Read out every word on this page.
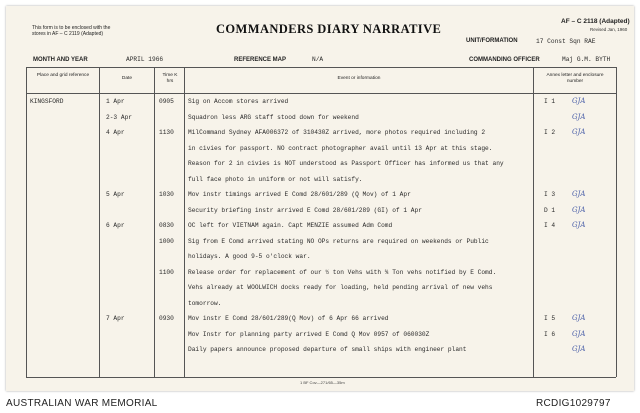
This form is to be enclosed with the stores in AF – C 2119 (Adapted)	COMMANDERS DIARY NARRATIVE
AF – C 2118 (Adapted)
Revised Jan, 1960
UNIT/FORMATION	17 Const Sqn RAE
MONTH AND YEAR	APRIL 1966	REFERENCE MAP	N/A	COMMANDING OFFICER	Maj G.M. BYTH
Place and grid reference
Date
Time K hrs
Event or information
Annex letter and enclosure number
KINGSFORD	1 Apr	0905 Sig on Accom stores arrived	I 1 GJA
2-3 Apr	Squadron less ARG staff stood down for weekend	GJA
4 Apr	1130 MilCommand Sydney AFA006372 of 310430Z arrived, more photos required including 2	I 2 GJA
in civies for passport. NO contract photographer avail until 13 Apr at this stage.
Reason for 2 in civies is NOT understood as Passport Officer has informed us that any
full face photo in uniform or not will satisfy.
5 Apr	1030 Mov instr timings arrived E Comd 28/601/289 (Q Mov) of 1 Apr	I 3 GJA
Security briefing instr arrived E Comd 28/601/289 (GI) of 1 Apr	D 1 GJA
6 Apr	0830 OC left for VIETNAM again. Capt MENZIE assumed Adm Comd	I 4 GJA
1000 Sig from E Comd arrived stating NO OPs returns are required on weekends or Public
holidays. A good 9-5 o'clock war.
1100 Release order for replacement of our ½ ton Vehs with ¾ Ton vehs notified by E Comd.
Vehs already at WOOLWICH docks ready for loading, held pending arrival of new vehs
tomorrow.
7 Apr	0930 Mov instr E Comd 28/601/289(Q Mov) of 6 Apr 66 arrived	I 5 GJA
Mov Instr for planning party arrived E Comd Q Mov 0957 of 060030Z	I 6 GJA
Daily papers announce proposed departure of small ships with engineer plant	GJA
1 BF Cov—271/65—35m
AUSTRALIAN WAR MEMORIAL	RCDIG1029797
